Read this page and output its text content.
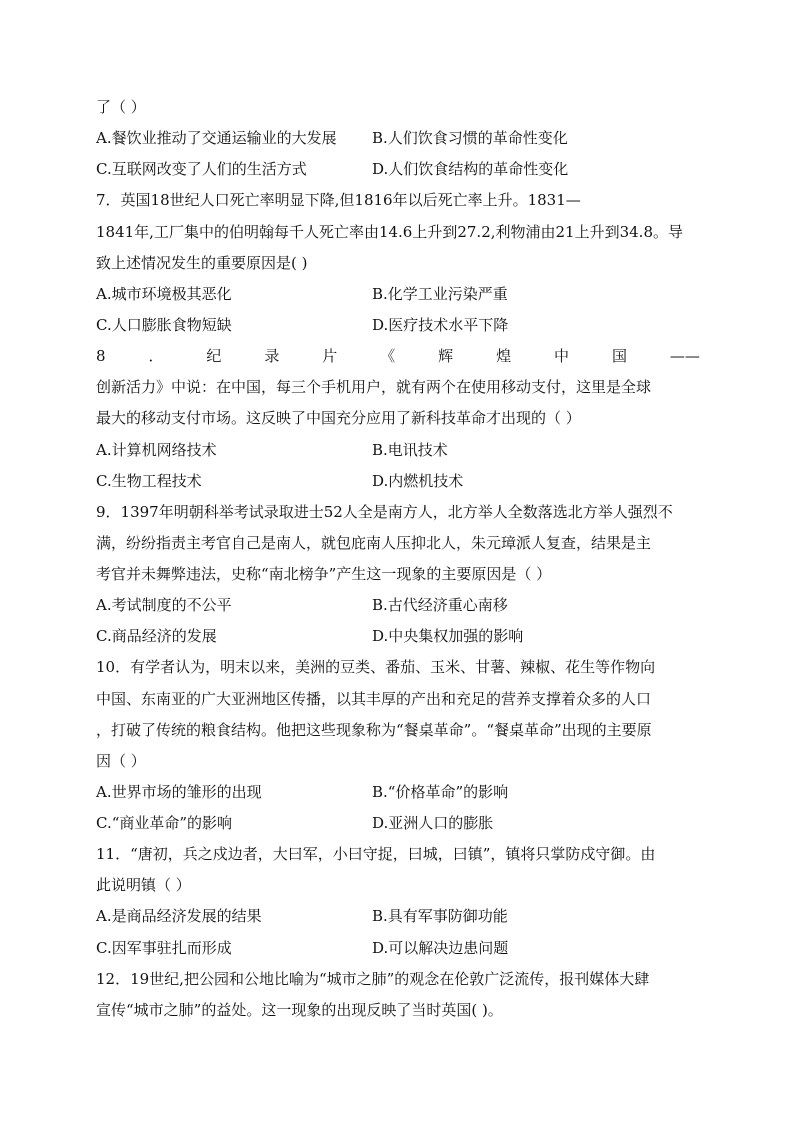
了（ ）
A.餐饮业推动了交通运输业的大发展 B.人们饮食习惯的革命性变化
C.互联网改变了人们的生活方式	D.人们饮食结构的革命性变化
7．英国18世纪人口死亡率明显下降,但1816年以后死亡率上升。1831—
1841年,工厂集中的伯明翰每千人死亡率由14.6上升到27.2,利物浦由21上升到34.8。导
致上述情况发生的重要原因是( )
A.城市环境极其恶化	B.化学工业污染严重
C.人口膨胀食物短缺	D.医疗技术水平下降
8	．	纪	录	片	《	辉	煌	中	国	——
创新活力》中说：在中国，每三个手机用户，就有两个在使用移动支付，这里是全球
最大的移动支付市场。这反映了中国充分应用了新科技革命才出现的（ ）
A.计算机网络技术	B.电讯技术
C.生物工程技术	D.内燃机技术
9．1397年明朝科举考试录取进士52人全是南方人，北方举人全数落选北方举人强烈不
满，纷纷指责主考官自己是南人，就包庇南人压抑北人，朱元璋派人复查，结果是主
考官并未舞弊违法，史称“南北榜争”产生这一现象的主要原因是（ ）
A.考试制度的不公平	B.古代经济重心南移
C.商品经济的发展	D.中央集权加强的影响
10．有学者认为，明末以来，美洲的豆类、番茄、玉米、甘薯、辣椒、花生等作物向
中国、东南亚的广大亚洲地区传播，以其丰厚的产出和充足的营养支撑着众多的人口
，打破了传统的粮食结构。他把这些现象称为“餐桌革命”。“餐桌革命”出现的主要原
因（ ）
A.世界市场的雏形的出现	B.“价格革命”的影响
C.“商业革命”的影响	D.亚洲人口的膨胀
11．“唐初，兵之戍边者，大曰军，小曰守捉，曰城，曰镇”，镇将只掌防戍守御。由
此说明镇（ ）
A.是商品经济发展的结果	B.具有军事防御功能
C.因军事驻扎而形成	D.可以解决边患问题
12．19世纪,把公园和公地比喻为“城市之肺”的观念在伦敦广泛流传，报刊媒体大肆
宣传“城市之肺”的益处。这一现象的出现反映了当时英国( )。
